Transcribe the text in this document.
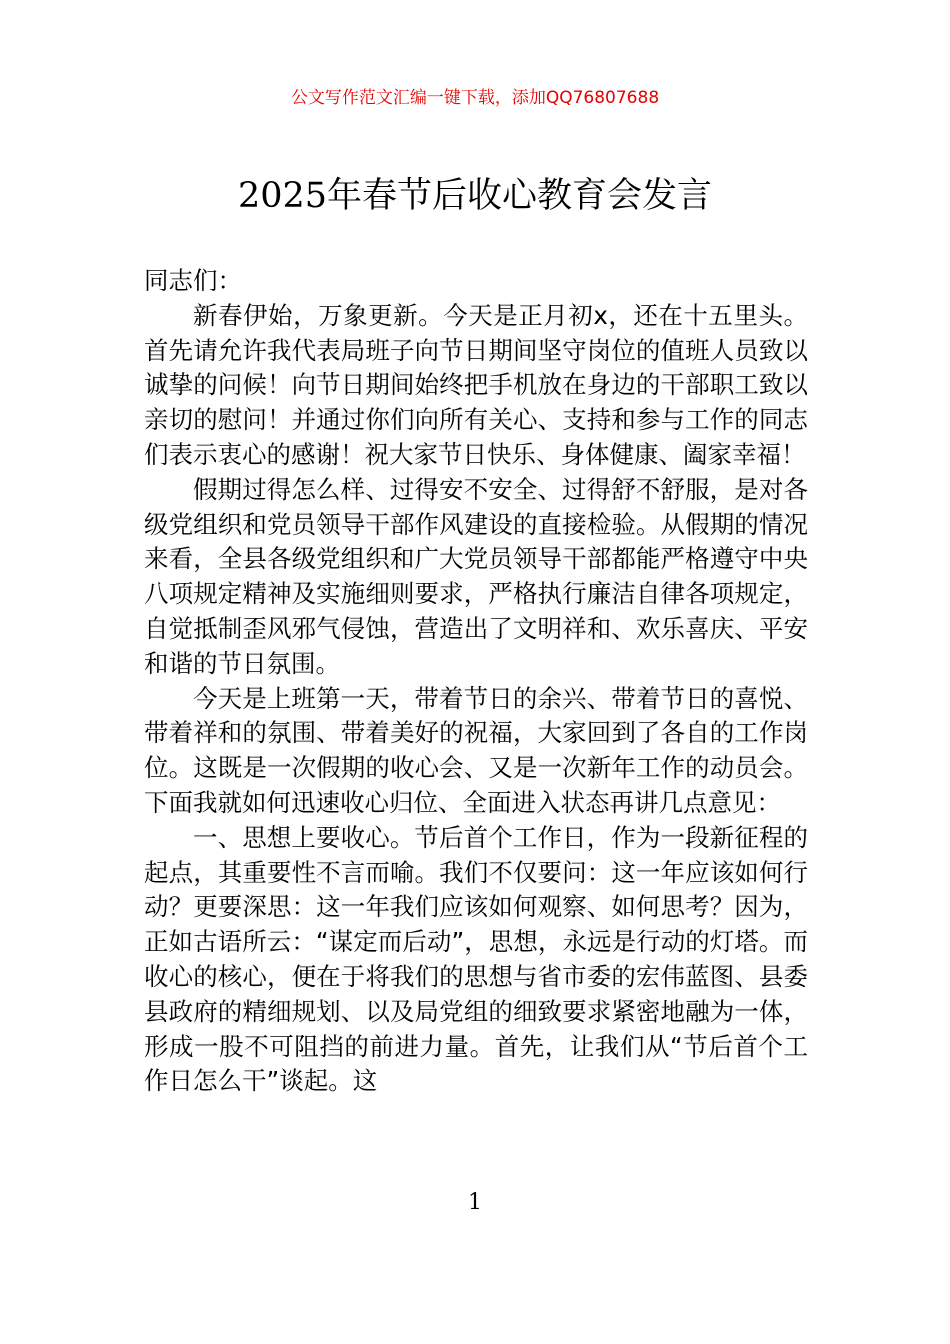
公文写作范文汇编一键下载，添加QQ76807688
2025年春节后收心教育会发言

同志们：

新春伊始，万象更新。今天是正月初x，还在十五里头。首先请允许我代表局班子向节日期间坚守岗位的值班人员致以诚挚的问候！向节日期间始终把手机放在身边的干部职工致以亲切的慰问！并通过你们向所有关心、支持和参与工作的同志们表示衷心的感谢！祝大家节日快乐、身体健康、阖家幸福！

假期过得怎么样、过得安不安全、过得舒不舒服，是对各级党组织和党员领导干部作风建设的直接检验。从假期的情况来看，全县各级党组织和广大党员领导干部都能严格遵守中央八项规定精神及实施细则要求，严格执行廉洁自律各项规定，自觉抵制歪风邪气侵蚀，营造出了文明祥和、欢乐喜庆、平安和谐的节日氛围。

今天是上班第一天，带着节日的余兴、带着节日的喜悦、带着祥和的氛围、带着美好的祝福，大家回到了各自的工作岗位。这既是一次假期的收心会、又是一次新年工作的动员会。下面我就如何迅速收心归位、全面进入状态再讲几点意见：

一、思想上要收心。节后首个工作日，作为一段新征程的起点，其重要性不言而喻。我们不仅要问：这一年应该如何行动？更要深思：这一年我们应该如何观察、如何思考？因为，正如古语所云：“谋定而后动”，思想，永远是行动的灯塔。而收心的核心，便在于将我们的思想与省市委的宏伟蓝图、县委县政府的精细规划、以及局党组的细致要求紧密地融为一体，形成一股不可阻挡的前进力量。首先，让我们从“节后首个工作日怎么干”谈起。这

1
